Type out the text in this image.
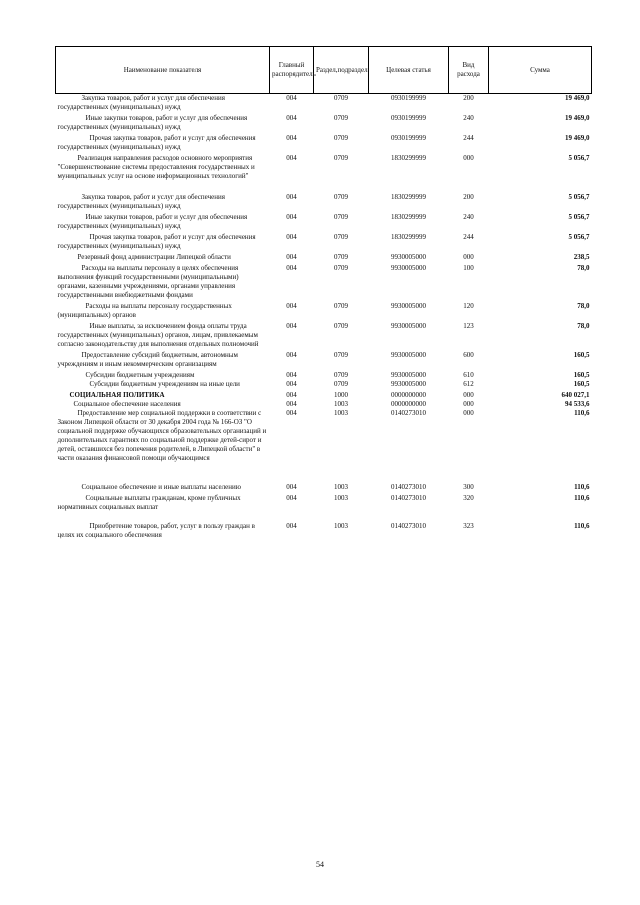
Наименование показателя	Главный распорядитель	Раздел,подраздел	Целевая статья	Вид расхода	Сумма
Закупка товаров, работ и услуг для обеспечения государственных (муниципальных) нужд	004	0709	0930199999	200	19 469,0
Иные закупки товаров, работ и услуг для обеспечения государственных (муниципальных) нужд	004	0709	0930199999	240	19 469,0
Прочая закупка товаров, работ и услуг для обеспечения государственных (муниципальных) нужд	004	0709	0930199999	244	19 469,0
Реализация направления расходов основного мероприятия "Совершенствование системы предоставления государственных и муниципальных услуг на основе информационных технологий"	004	0709	1830299999	000	5 056,7
Закупка товаров, работ и услуг для обеспечения государственных (муниципальных) нужд	004	0709	1830299999	200	5 056,7
Иные закупки товаров, работ и услуг для обеспечения государственных (муниципальных) нужд	004	0709	1830299999	240	5 056,7
Прочая закупка товаров, работ и услуг для обеспечения государственных (муниципальных) нужд	004	0709	1830299999	244	5 056,7
Резервный фонд администрации Липецкой области	004	0709	9930005000	000	238,5
Расходы на выплаты персоналу в целях обеспечения выполнения функций государственными (муниципальными) органами, казенными учреждениями, органами управления государственными внебюджетными фондами	004	0709	9930005000	100	78,0
Расходы на выплаты персоналу государственных (муниципальных) органов	004	0709	9930005000	120	78,0
Иные выплаты, за исключением фонда оплаты труда государственных (муниципальных) органов, лицам, привлекаемым согласно законодательству для выполнения отдельных полномочий	004	0709	9930005000	123	78,0
Предоставление субсидий бюджетным, автономным учреждениям и иным некоммерческим организациям	004	0709	9930005000	600	160,5
Субсидии бюджетным учреждениям	004	0709	9930005000	610	160,5
Субсидии бюджетным учреждениям на иные цели	004	0709	9930005000	612	160,5
СОЦИАЛЬНАЯ ПОЛИТИКА	004	1000	0000000000	000	640 027,1
Социальное обеспечение населения	004	1003	0000000000	000	94 533,6
Предоставление мер социальной поддержки в соответствии с Законом Липецкой области от 30 декабря 2004 года № 166-ОЗ "О социальной поддержке обучающихся образовательных организаций и дополнительных гарантиях по социальной поддержке детей-сирот и детей, оставшихся без попечения родителей, в Липецкой области" в части оказания финансовой помощи обучающимся	004	1003	0140273010	000	110,6
Социальное обеспечение и иные выплаты населению	004	1003	0140273010	300	110,6
Социальные выплаты гражданам, кроме публичных нормативных социальных выплат	004	1003	0140273010	320	110,6
Приобретение товаров, работ, услуг в пользу граждан в целях их социального обеспечения	004	1003	0140273010	323	110,6
54
